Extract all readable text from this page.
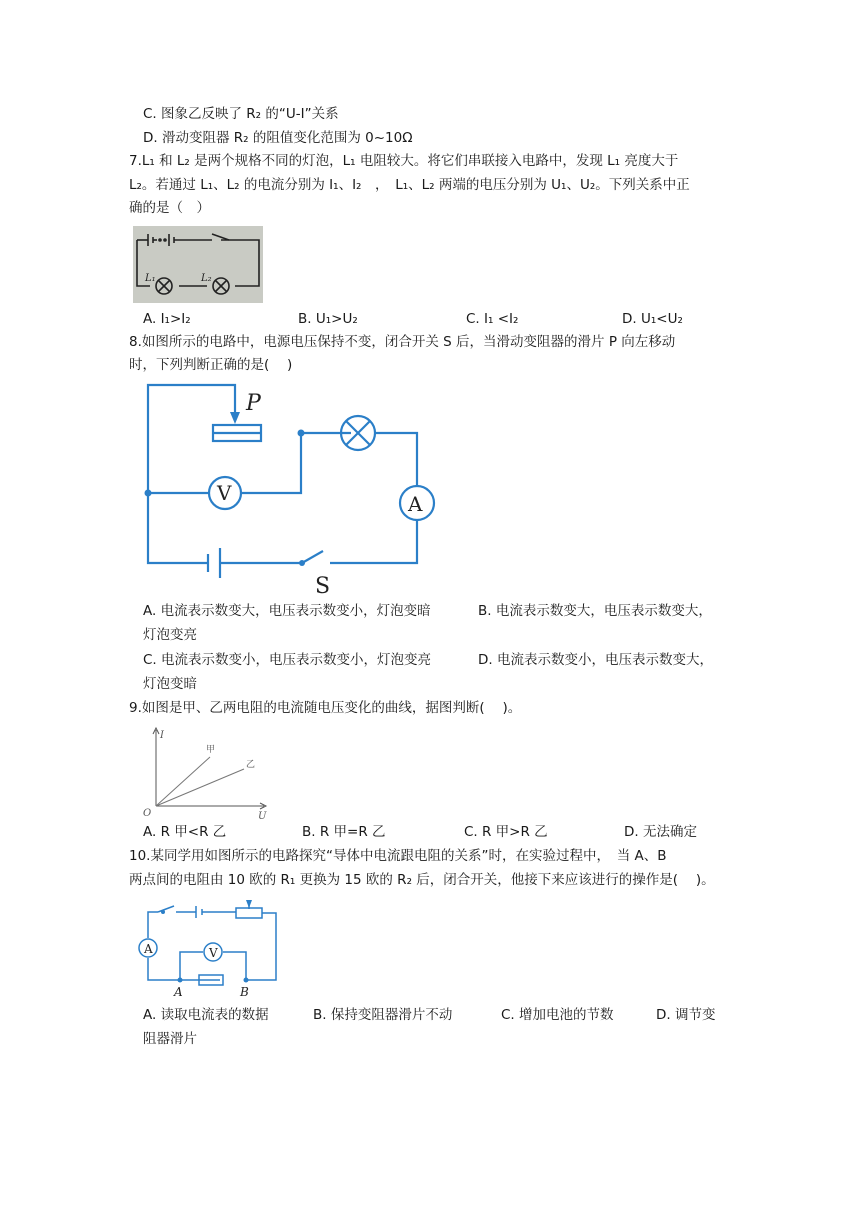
C. 图象乙反映了 R₂ 的“U-I”关系
D. 滑动变阻器 R₂ 的阻值变化范围为 0~10Ω
7.L₁ 和 L₂ 是两个规格不同的灯泡，L₁ 电阻较大。将它们串联接入电路中，发现 L₁ 亮度大于
L₂。若通过 L₁、L₂ 的电流分别为 I₁、I₂　，　L₁、L₂ 两端的电压分别为 U₁、U₂。下列关系中正
确的是（　）
L₁	L₂
A. I₁>I₂	B. U₁>U₂	C. I₁ <I₂	D. U₁<U₂
8.如图所示的电路中，电源电压保持不变，闭合开关 S 后，当滑动变阻器的滑片 P 向左移动
时，下列判断正确的是(　 )
P
V	A
S
A. 电流表示数变大，电压表示数变小，灯泡变暗	B. 电流表示数变大，电压表示数变大，
灯泡变亮
C. 电流表示数变小，电压表示数变小，灯泡变亮	D. 电流表示数变小，电压表示数变大，
灯泡变暗
9.如图是甲、乙两电阻的电流随电压变化的曲线，据图判断(　 )。
I
U
O
甲
乙
A. R 甲<R 乙	B. R 甲=R 乙	C. R 甲>R 乙	D. 无法确定
10.某同学用如图所示的电路探究“导体中电流跟电阻的关系”时，在实验过程中，　当 A、B
两点间的电阻由 10 欧的 R₁ 更换为 15 欧的 R₂ 后，闭合开关，他接下来应该进行的操作是(　 )。
A	V
A	B
A. 读取电流表的数据	B. 保持变阻器滑片不动	C. 增加电池的节数	D. 调节变
阻器滑片
